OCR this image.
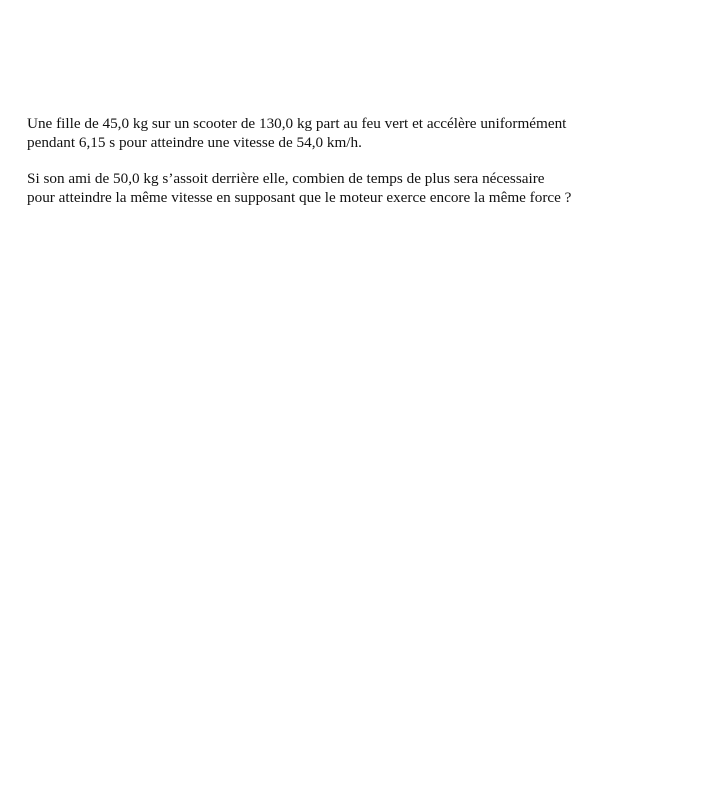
Une fille de 45,0 kg sur un scooter de 130,0 kg part au feu vert et accélère uniformément
pendant 6,15 s pour atteindre une vitesse de 54,0 km/h.

Si son ami de 50,0 kg s’assoit derrière elle, combien de temps de plus sera nécessaire
pour atteindre la même vitesse en supposant que le moteur exerce encore la même force ?
